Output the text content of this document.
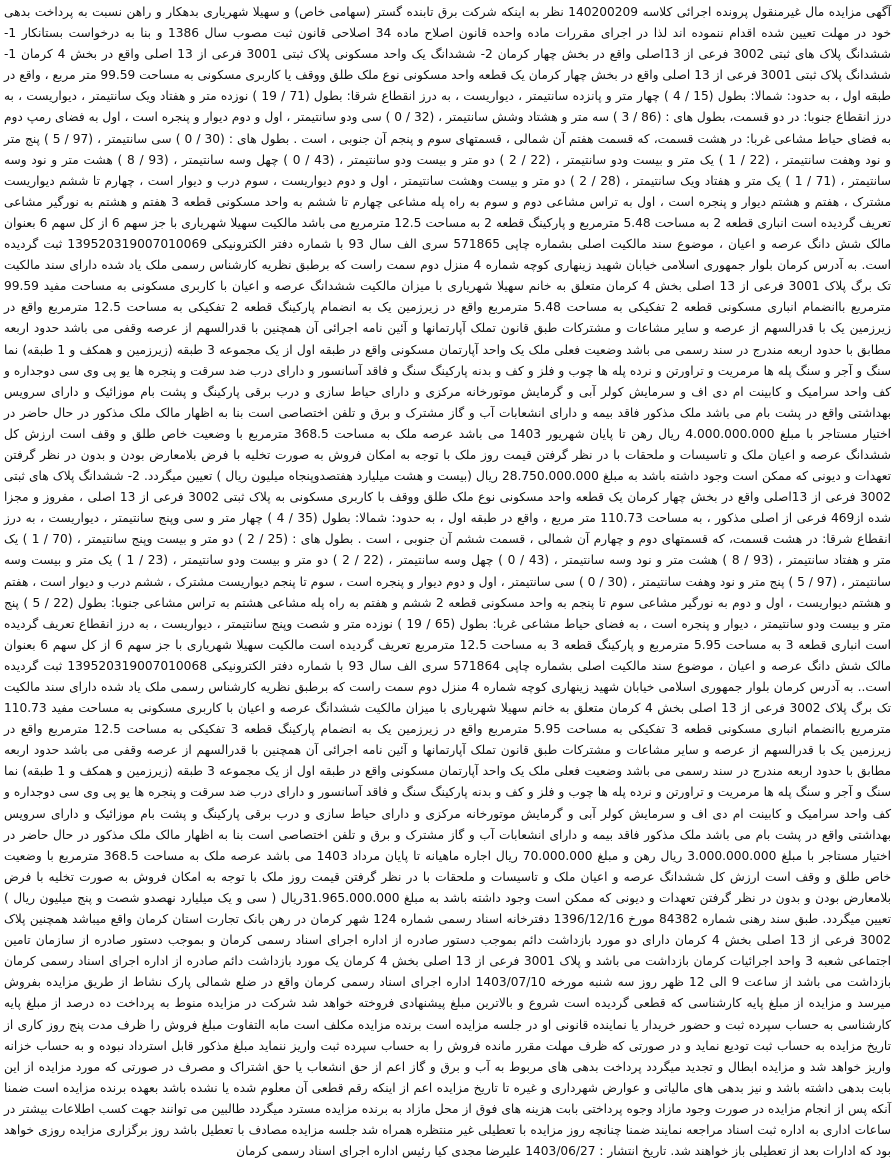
آگهی مزایده مال غیرمنقول پرونده اجرائی کلاسه 140200209 نظر به اینکه شرکت برق تابنده گستر (سهامی خاص) و سهیلا شهریاری بدهکار و راهن نسبت به پرداخت بدهی خود در مهلت تعیین شده اقدام ننموده اند لذا در اجرای مقررات ماده واحده قانون اصلاح ماده 34 اصلاحی قانون ثبت مصوب سال 1386 و بنا به درخواست بستانکار 1- ششدانگ پلاک های ثبتی 3002 فرعی از 13اصلی واقع در بخش چهار کرمان 2- ششدانگ یک واحد مسکونی پلاک ثبتی 3001 فرعی از 13 اصلی واقع در بخش 4 کرمان 1- ششدانگ پلاک ثبتی 3001 فرعی از 13 اصلی واقع در بخش چهار کرمان یک قطعه واحد مسکونی نوع ملک طلق ووقف یا کاربری مسکونی به مساحت 99.59 متر مربع ، واقع در طبقه اول ، به حدود: شمالا: بطول (15 / 4 ) چهار متر و پانزده سانتیمتر ، دیواریست ، به درز انقطاع شرقا: بطول (71 / 19 ) نوزده متر و هفتاد ویک سانتیمتر ، دیواریست ، به درز انقطاع جنوبا: در دو قسمت، بطول های : (86 / 3 ) سه متر و هشتاد وشش سانتیمتر ، (32 / 0 ) سی ودو سانتیمتر ، اول و دوم دیوار و پنجره است ، اول به فضای رمپ دوم به فضای حیاط مشاعی غربا: در هشت قسمت، که قسمت هفتم آن شمالی ، قسمتهای سوم و پنجم آن جنوبی ، است . بطول های : (30 / 0 ) سی سانتیمتر ، (97 / 5 ) پنج متر و نود وهفت سانتیمتر ، (22 / 1 ) یک متر و بیست ودو سانتیمتر ، (22 / 2 ) دو متر و بیست ودو سانتیمتر ، (43 / 0 ) چهل وسه سانتیمتر ، (93 / 8 ) هشت متر و نود وسه سانتیمتر ، (71 / 1 ) یک متر و هفتاد ویک سانتیمتر ، (28 / 2 ) دو متر و بیست وهشت سانتیمتر ، اول و دوم دیواریست ، سوم درب و دیوار است ، چهارم تا ششم دیواریست مشترک ، هفتم و هشتم دیوار و پنجره است ، اول به تراس مشاعی دوم و سوم به راه پله مشاعی چهارم تا ششم به واحد مسکونی قطعه 3 هفتم و هشتم به نورگیر مشاعی تعریف گردیده است انباری قطعه 2 به مساحت 5.48 مترمربع و پارکینگ قطعه 2 به مساحت 12.5 مترمربع می باشد مالکیت سهیلا شهریاری با جز سهم 6 از کل سهم 6 بعنوان مالک شش دانگ عرصه و اعیان ، موضوع سند مالکیت اصلی بشماره چاپی 571865 سری الف سال 93 با شماره دفتر الکترونیکی 139520319007010069 ثبت گردیده است. به آدرس کرمان بلوار جمهوری اسلامی خیابان شهید زینهاری کوچه شماره 4 منزل دوم سمت راست که برطبق نظریه کارشناس رسمی ملک یاد شده دارای سند مالکیت تک برگ پلاک 3001 فرعی از 13 اصلی بخش 4 کرمان متعلق به خانم سهیلا شهریاری با میزان مالکیت ششدانگ عرصه و اعیان با کاربری مسکونی به مساحت مفید 99.59 مترمربع باانضمام انباری مسکونی قطعه 2 تفکیکی به مساحت 5.48 مترمربع واقع در زیرزمین یک به انضمام پارکینگ قطعه 2 تفکیکی به مساحت 12.5 مترمربع واقع در زیرزمین یک با قدرالسهم از عرصه و سایر مشاعات و مشترکات طبق قانون تملک آپارتمانها و آئین نامه اجرائی آن همچنین با قدرالسهم از عرصه وقفی می باشد حدود اربعه مطابق با حدود اربعه مندرج در سند رسمی می باشد وضعیت فعلی ملک یک واحد آپارتمان مسکونی واقع در طبقه اول از یک مجموعه 3 طبقه (زیرزمین و همکف و 1 طبقه) نما سنگ و آجر و سنگ پله ها مرمریت و تراورتن و نرده پله ها چوب و فلز و کف و بدنه پارکینگ سنگ و فاقد آسانسور و دارای درب ضد سرقت و پنجره ها یو پی وی سی دوجداره و کف واحد سرامیک و کابینت ام دی اف و سرمایش کولر آبی و گرمایش موتورخانه مرکزی و دارای حیاط سازی و درب برقی پارکینگ و پشت بام موزائیک و دارای سرویس بهداشتی واقع در پشت بام می باشد ملک مذکور فاقد بیمه و دارای انشعابات آب و گاز مشترک و برق و تلفن اختصاصی است بنا به اظهار مالک ملک مذکور در حال حاضر در اختیار مستاجر با مبلغ 4.000.000.000 ریال رهن تا پایان شهریور 1403 می باشد عرصه ملک به مساحت 368.5 مترمربع با وضعیت خاص طلق و وقف است ارزش کل ششدانگ عرصه و اعیان ملک و تاسیسات و ملحقات با در نظر گرفتن قیمت روز ملک با توجه به امکان فروش به صورت تخلیه با فرض بلامعارض بودن و بدون در نظر گرفتن تعهدات و دیونی که ممکن است وجود داشته باشد به مبلغ 28.750.000.000 ریال (بیست و هشت میلیارد هفتصدوپنجاه میلیون ریال ) تعیین میگردد. 2- ششدانگ پلاک های ثبتی 3002 فرعی از 13اصلی واقع در بخش چهار کرمان یک قطعه واحد مسکونی نوع ملک طلق ووقف با کاربری مسکونی به پلاک ثبتی 3002 فرعی از 13 اصلی ، مفروز و مجزا شده از469 فرعی از اصلی مذکور ، به مساحت 110.73 متر مربع ، واقع در طبقه اول ، به حدود: شمالا: بطول (35 / 4 ) چهار متر و سی وپنج سانتیمتر ، دیواریست ، به درز انقطاع شرقا: در هشت قسمت، که قسمتهای دوم و چهارم آن شمالی ، قسمت ششم آن جنوبی ، است . بطول های : (25 / 2 ) دو متر و بیست وپنج سانتیمتر ، (70 / 1 ) یک متر و هفتاد سانتیمتر ، (93 / 8 ) هشت متر و نود وسه سانتیمتر ، (43 / 0 ) چهل وسه سانتیمتر ، (22 / 2 ) دو متر و بیست ودو سانتیمتر ، (23 / 1 ) یک متر و بیست وسه سانتیمتر ، (97 / 5 ) پنج متر و نود وهفت سانتیمتر ، (30 / 0 ) سی سانتیمتر ، اول و دوم دیوار و پنجره است ، سوم تا پنجم دیواریست مشترک ، ششم درب و دیوار است ، هفتم و هشتم دیواریست ، اول و دوم به نورگیر مشاعی سوم تا پنجم به واحد مسکونی قطعه 2 ششم و هفتم به راه پله مشاعی هشتم به تراس مشاعی جنوبا: بطول (22 / 5 ) پنج متر و بیست ودو سانتیمتر ، دیوار و پنجره است ، به فضای حیاط مشاعی غربا: بطول (65 / 19 ) نوزده متر و شصت وپنج سانتیمتر ، دیواریست ، به درز انقطاع تعریف گردیده است انباری قطعه 3 به مساحت 5.95 مترمربع و پارکینگ قطعه 3 به مساحت 12.5 مترمربع تعریف گردیده است مالکیت سهیلا شهریاری با جز سهم 6 از کل سهم 6 بعنوان مالک شش دانگ عرصه و اعیان ، موضوع سند مالکیت اصلی بشماره چاپی 571864 سری الف سال 93 با شماره دفتر الکترونیکی 139520319007010068 ثبت گردیده است.. به آدرس کرمان بلوار جمهوری اسلامی خیابان شهید زینهاری کوچه شماره 4 منزل دوم سمت راست که برطبق نظریه کارشناس رسمی ملک یاد شده دارای سند مالکیت تک برگ پلاک 3002 فرعی از 13 اصلی بخش 4 کرمان متعلق به خانم سهیلا شهریاری با میزان مالکیت ششدانگ عرصه و اعیان با کاربری مسکونی به مساحت مفید 110.73 مترمربع باانضمام انباری مسکونی قطعه 3 تفکیکی به مساحت 5.95 مترمربع واقع در زیرزمین یک به انضمام پارکینگ قطعه 3 تفکیکی به مساحت 12.5 مترمربع واقع در زیرزمین یک با قدرالسهم از عرصه و سایر مشاعات و مشترکات طبق قانون تملک آپارتمانها و آئین نامه اجرائی آن همچنین با قدرالسهم از عرصه وقفی می باشد حدود اربعه مطابق با حدود اربعه مندرج در سند رسمی می باشد وضعیت فعلی ملک یک واحد آپارتمان مسکونی واقع در طبقه اول از یک مجموعه 3 طبقه (زیرزمین و همکف و 1 طبقه) نما سنگ و آجر و سنگ پله ها مرمریت و تراورتن و نرده پله ها چوب و فلز و کف و بدنه پارکینگ سنگ و فاقد آسانسور و دارای درب ضد سرقت و پنجره ها یو پی وی سی دوجداره و کف واحد سرامیک و کابینت ام دی اف و سرمایش کولر آبی و گرمایش موتورخانه مرکزی و دارای حیاط سازی و درب برقی پارکینگ و پشت بام موزائیک و دارای سرویس بهداشتی واقع در پشت بام می باشد ملک مذکور فاقد بیمه و دارای انشعابات آب و گاز مشترک و برق و تلفن اختصاصی است بنا به اظهار مالک ملک مذکور در حال حاضر در اختیار مستاجر با مبلغ 3.000.000.000 ریال رهن و مبلغ 70.000.000 ریال اجاره ماهیانه تا پایان مرداد 1403 می باشد عرصه ملک به مساحت 368.5 مترمربع با وضعیت خاص طلق و وقف است ارزش کل ششدانگ عرصه و اعیان ملک و تاسیسات و ملحقات با در نظر گرفتن قیمت روز ملک با توجه به امکان فروش به صورت تخلیه با فرض بلامعارض بودن و بدون در نظر گرفتن تعهدات و دیونی که ممکن است وجود داشته باشد به مبلغ 31.965.000.000ریال ( سی و یک میلیارد نهصدو شصت و پنج میلیون ریال ) تعیین میگردد. طبق سند رهنی شماره 84382 مورخ 1396/12/16 دفترخانه اسناد رسمی شماره 124 شهر کرمان در رهن بانک تجارت استان کرمان واقع میباشد همچنین پلاک 3002 فرعی از 13 اصلی بخش 4 کرمان دارای دو مورد بازداشت دائم بموجب دستور صادره از اداره اجرای اسناد رسمی کرمان و بموجب دستور صادره از سازمان تامین اجتماعی شعبه 3 واحد اجرائیات کرمان بازداشت می باشد و پلاک 3001 فرعی از 13 اصلی بخش 4 کرمان یک مورد بازداشت دائم صادره از اداره اجرای اسناد رسمی کرمان بازداشت می باشد از ساعت 9 الی 12 ظهر روز سه شنبه مورخه 1403/07/10 اداره اجرای اسناد رسمی کرمان واقع در ضلع شمالی پارک نشاط از طریق مزایده بفروش میرسد و مزایده از مبلغ پایه کارشناسی که قطعی گردیده است شروع و بالاترین مبلغ پیشنهادی فروخته خواهد شد شرکت در مزایده منوط به پرداخت ده درصد از مبلغ پایه کارشناسی به حساب سپرده ثبت و حضور خریدار یا نماینده قانونی او در جلسه مزایده است برنده مزایده مکلف است مابه التفاوت مبلغ فروش را ظرف مدت پنج روز کاری از تاریخ مزایده به حساب ثبت تودیع نماید و در صورتی که ظرف مهلت مقرر مانده فروش را به حساب سپرده ثبت واریز ننماید مبلغ مذکور قابل استرداد نبوده و به حساب خزانه واریز خواهد شد و مزایده ابطال و تجدید میگردد پرداخت بدهی های مربوط به آب و برق و گاز اعم از حق انشعاب یا حق اشتراک و مصرف در صورتی که مورد مزایده از این بابت بدهی داشته باشد و نیز بدهی های مالیاتی و عوارض شهرداری و غیره تا تاریخ مزایده اعم از اینکه رقم قطعی آن معلوم شده یا نشده باشد بعهده برنده مزایده است ضمنا آنکه پس از انجام مزایده در صورت وجود مازاد وجوه پرداختی بابت هزینه های فوق از محل مازاد به برنده مزایده مسترد میگردد طالبین می توانند جهت کسب اطلاعات بیشتر در ساعات اداری به اداره ثبت اسناد مراجعه نمایند ضمنا چنانچه روز مزایده با تعطیلی غیر منتظره همراه شد جلسه مزایده مصادف با تعطیل باشد روز برگزاری مزایده روزی خواهد بود که ادارات بعد از تعطیلی باز خواهند شد. تاریخ انتشار : 1403/06/27 علیرضا مجدی کیا رئیس اداره اجرای اسناد رسمی کرمان
